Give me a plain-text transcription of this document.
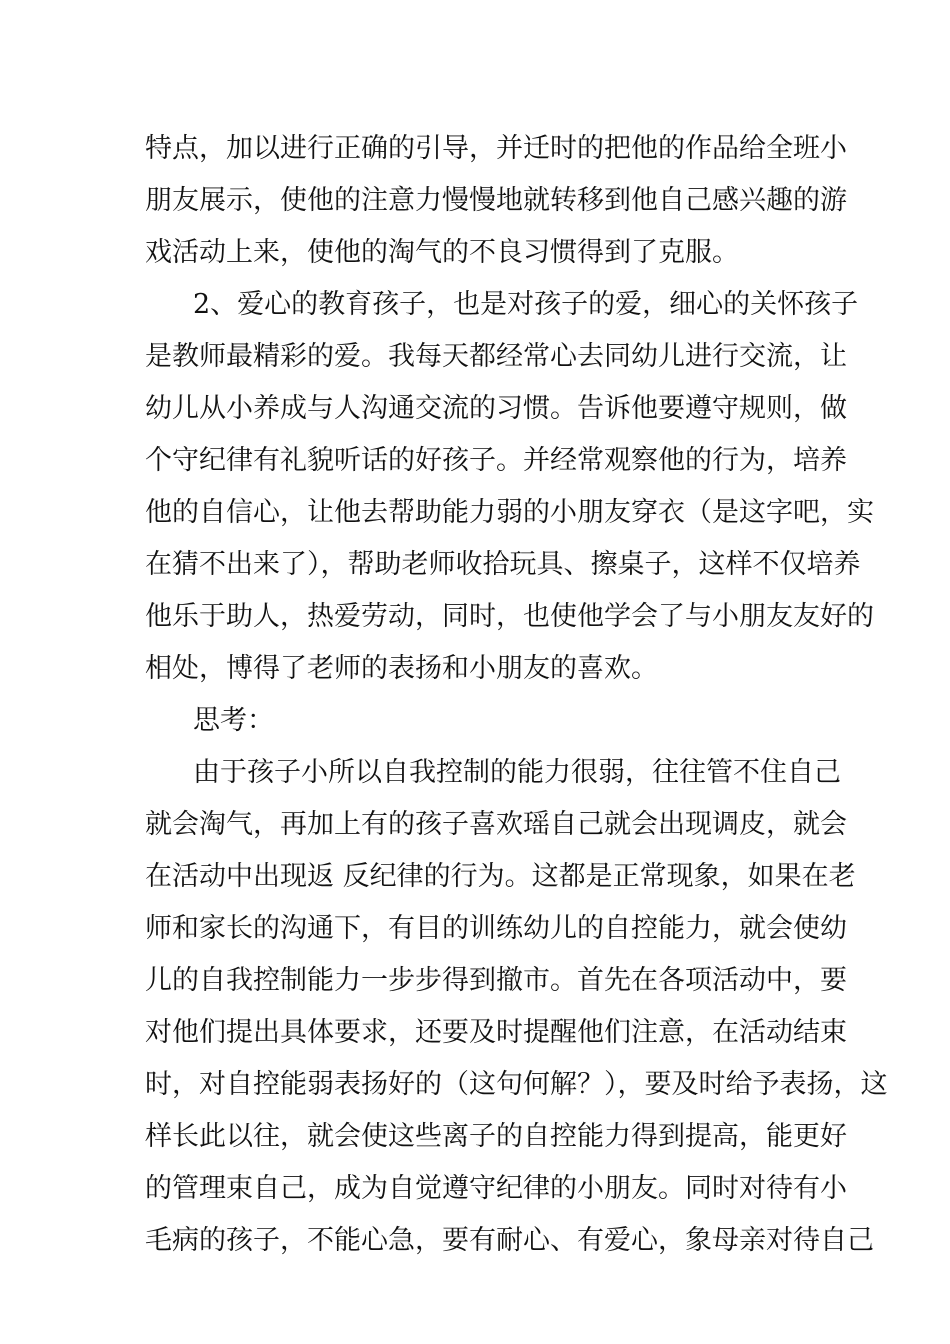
特点，加以进行正确的引导，并迁时的把他的作品给全班小

朋友展示，使他的注意力慢慢地就转移到他自己感兴趣的游

戏活动上来，使他的淘气的不良习惯得到了克服。

2、爱心的教育孩子，也是对孩子的爱，细心的关怀孩子

是教师最精彩的爱。我每天都经常心去同幼儿进行交流，让

幼儿从小养成与人沟通交流的习惯。告诉他要遵守规则，做

个守纪律有礼貌听话的好孩子。并经常观察他的行为，培养

他的自信心，让他去帮助能力弱的小朋友穿衣（是这字吧，实

在猜不出来了），帮助老师收拾玩具、擦桌子，这样不仅培养

他乐于助人，热爱劳动，同时，也使他学会了与小朋友友好的

相处，博得了老师的表扬和小朋友的喜欢。

思考：

由于孩子小所以自我控制的能力很弱，往往管不住自己

就会淘气，再加上有的孩子喜欢瑶自己就会出现调皮，就会

在活动中出现返 反纪律的行为。这都是正常现象，如果在老

师和家长的沟通下，有目的训练幼儿的自控能力，就会使幼

儿的自我控制能力一步步得到撤市。首先在各项活动中，要

对他们提出具体要求，还要及时提醒他们注意，在活动结束

时，对自控能弱表扬好的（这句何解？），要及时给予表扬，这

样长此以往，就会使这些离子的自控能力得到提高，能更好

的管理束自己，成为自觉遵守纪律的小朋友。同时对待有小

毛病的孩子，不能心急，要有耐心、有爱心，象母亲对待自己
